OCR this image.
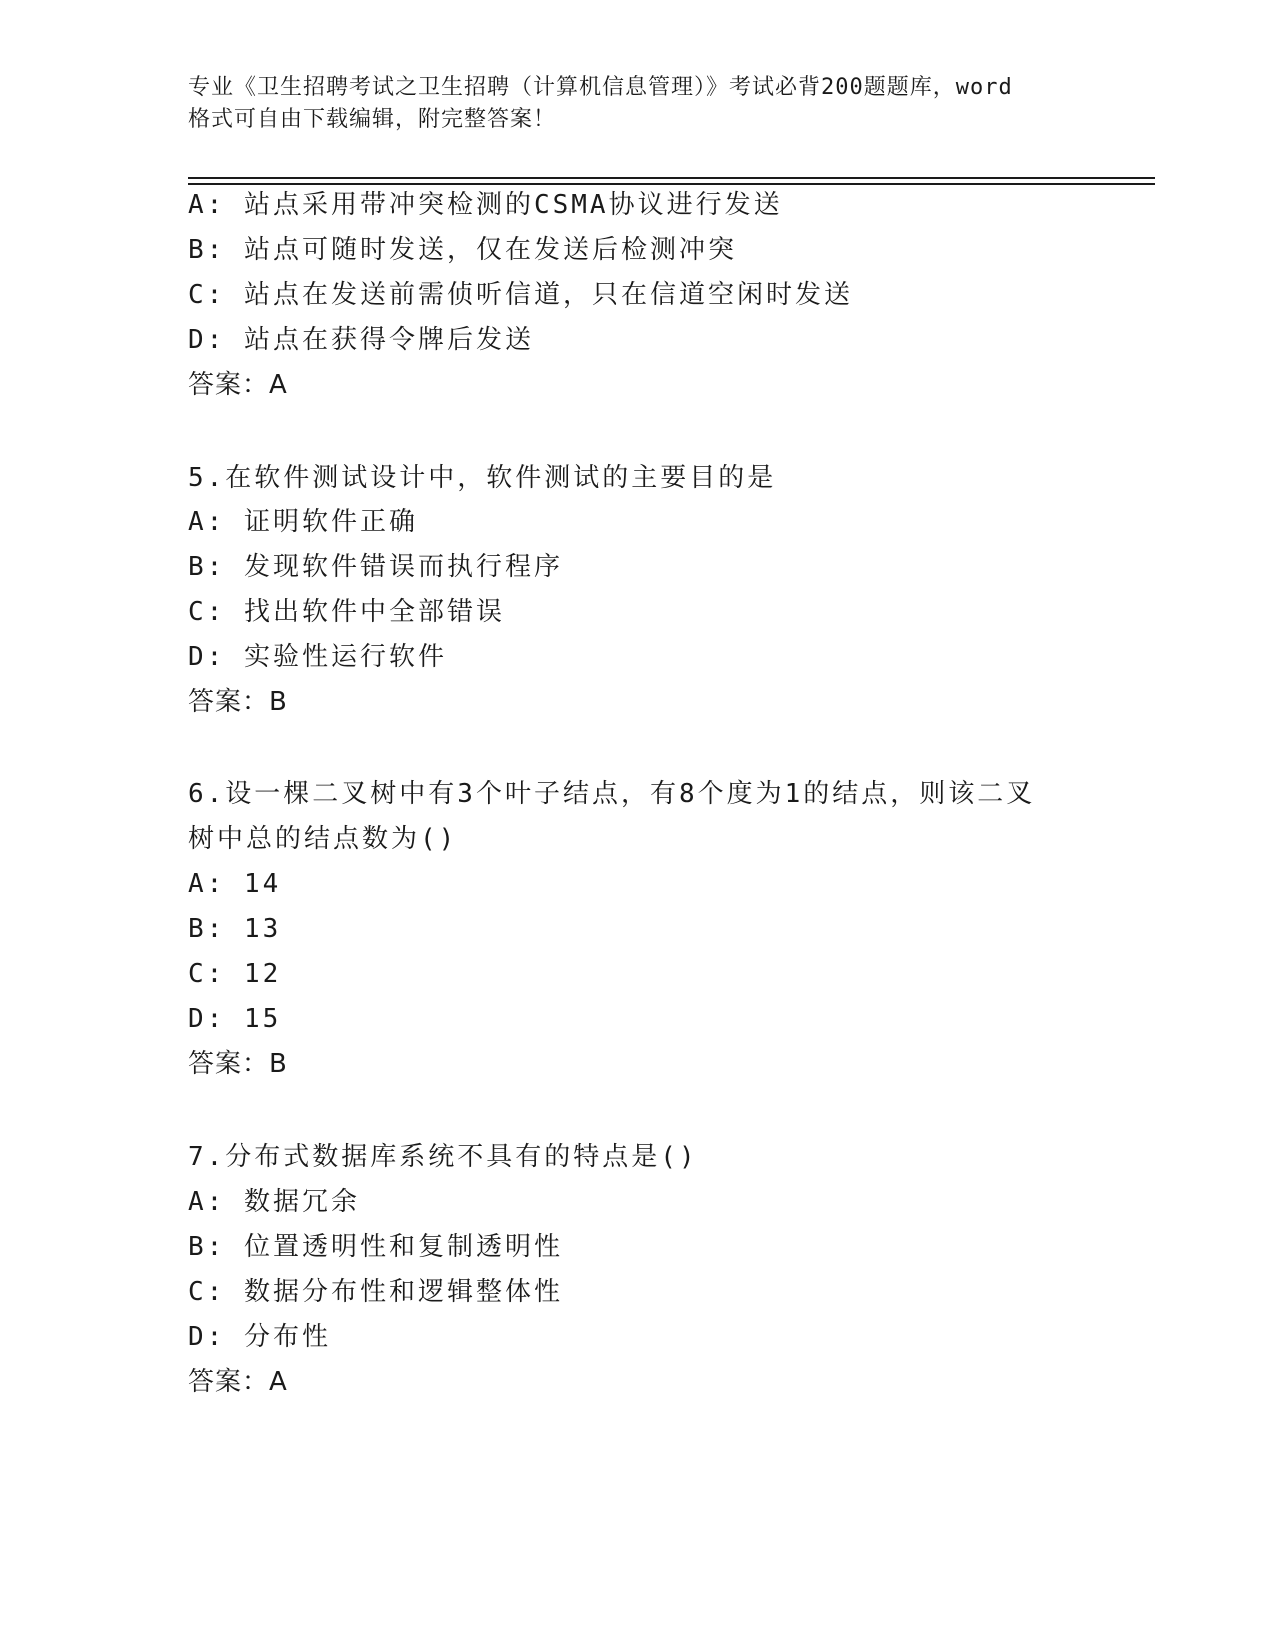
专业《卫生招聘考试之卫生招聘（计算机信息管理）》考试必背200题题库，word
格式可自由下载编辑，附完整答案！
A: 站点采用带冲突检测的CSMA协议进行发送
B: 站点可随时发送，仅在发送后检测冲突
C: 站点在发送前需侦听信道，只在信道空闲时发送
D: 站点在获得令牌后发送
答案：A
5.在软件测试设计中，软件测试的主要目的是
A: 证明软件正确
B: 发现软件错误而执行程序
C: 找出软件中全部错误
D: 实验性运行软件
答案：B
6.设一棵二叉树中有3个叶子结点，有8个度为1的结点，则该二叉
树中总的结点数为()
A: 14
B: 13
C: 12
D: 15
答案：B
7.分布式数据库系统不具有的特点是()
A: 数据冗余
B: 位置透明性和复制透明性
C: 数据分布性和逻辑整体性
D: 分布性
答案：A
